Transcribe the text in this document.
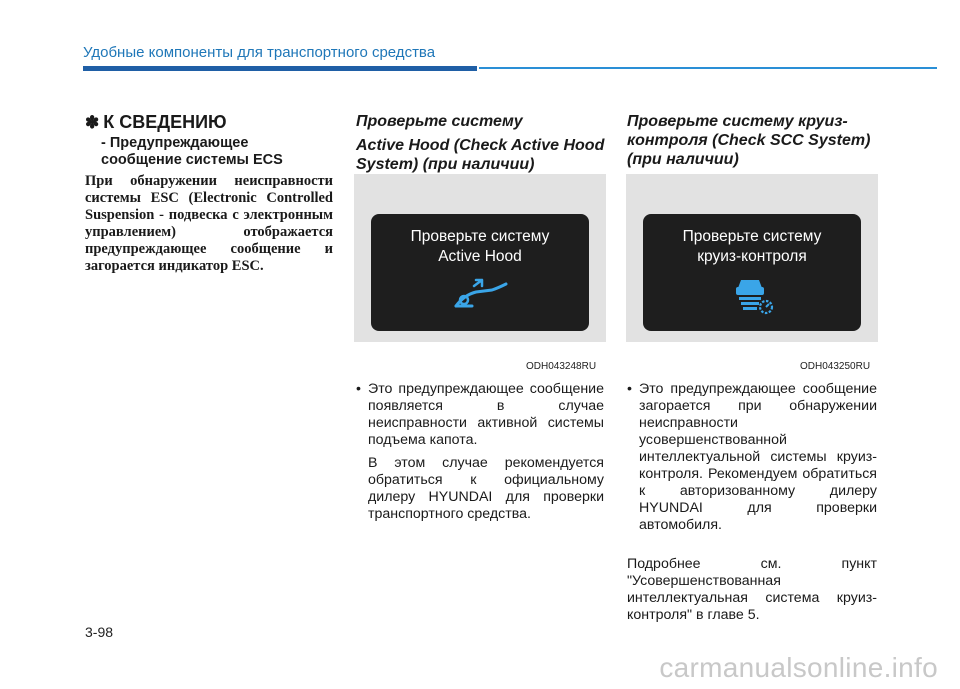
Удобные компоненты для транспортного средства
✽ К СВЕДЕНИЮ
- Предупреждающее сообщение системы ECS
При обнаружении неисправности системы ESC (Electronic Controlled Suspension - подвеска с электронным управлением) отображается предупреждающее сообщение и загорается индикатор ESC.
Проверьте систему
Active Hood (Check Active Hood System) (при наличии)
Проверьте систему
Active Hood
ODH043248RU
• Это предупреждающее сообщение появляется в случае неисправности активной системы подъема капота.
В этом случае рекомендуется обратиться к официальному дилеру HYUNDAI для проверки транспортного средства.
Проверьте систему круиз-контроля (Check SCC System) (при наличии)
Проверьте систему
круиз-контроля
ODH043250RU
• Это предупреждающее сообщение загорается при обнаружении неисправности усовершенствованной интеллектуальной системы круиз-контроля. Рекомендуем обратиться к авторизованному дилеру HYUNDAI для проверки автомобиля.
Подробнее см. пункт "Усовершенствованная интеллектуальная система круиз-контроля" в главе 5.
3-98
carmanualsonline.info
